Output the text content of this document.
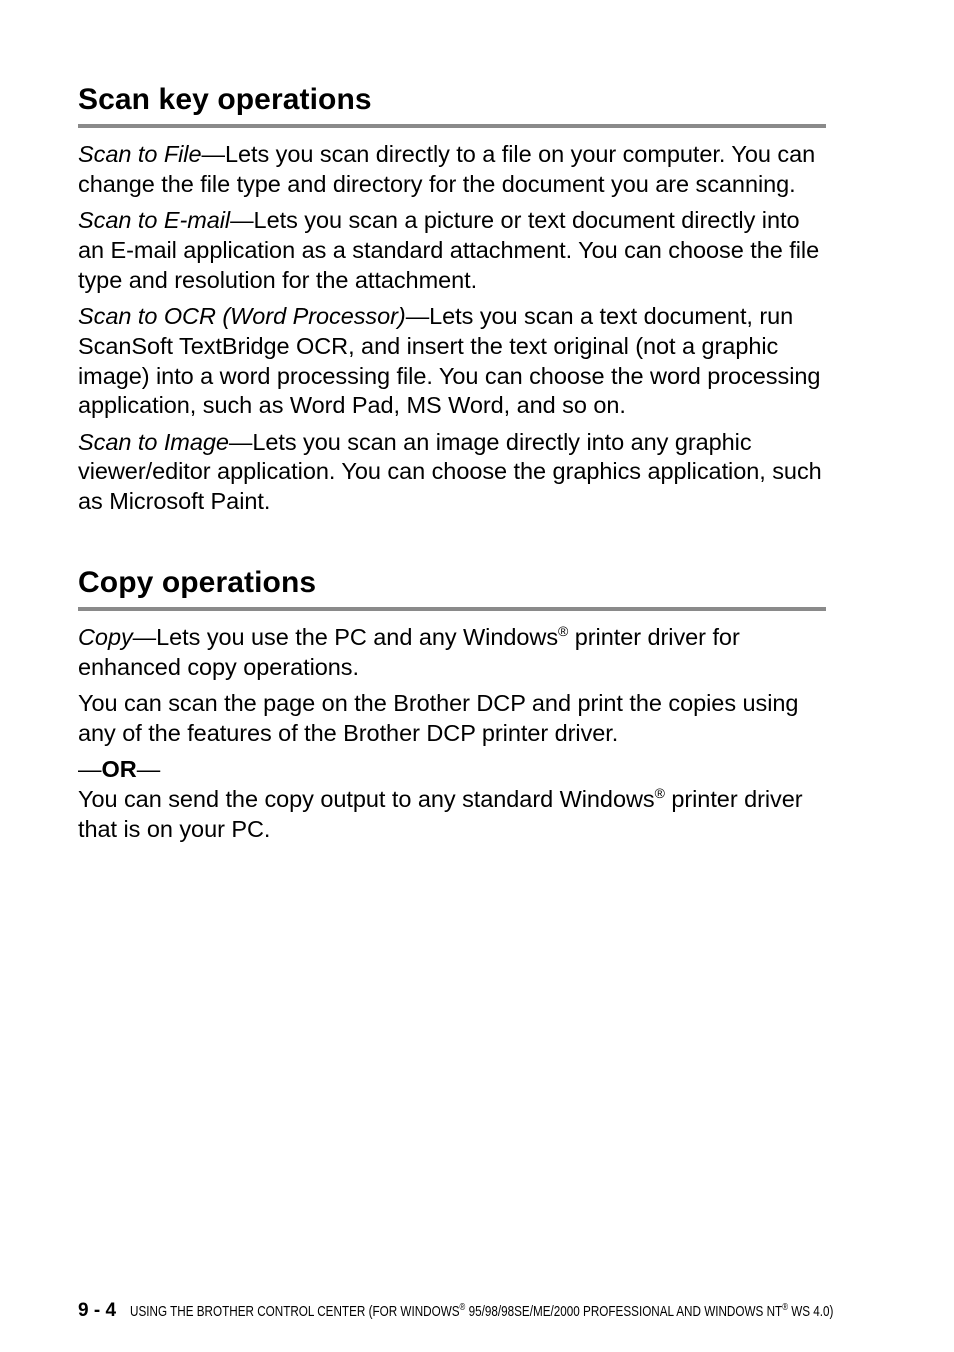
Scan key operations

Scan to File—Lets you scan directly to a file on your computer. You can change the file type and directory for the document you are scanning.

Scan to E-mail—Lets you scan a picture or text document directly into an E-mail application as a standard attachment. You can choose the file type and resolution for the attachment.

Scan to OCR (Word Processor)—Lets you scan a text document, run ScanSoft TextBridge OCR, and insert the text original (not a graphic image) into a word processing file. You can choose the word processing application, such as Word Pad, MS Word, and so on.

Scan to Image—Lets you scan an image directly into any graphic viewer/editor application. You can choose the graphics application, such as Microsoft Paint.

Copy operations

Copy—Lets you use the PC and any Windows® printer driver for enhanced copy operations.

You can scan the page on the Brother DCP and print the copies using any of the features of the Brother DCP printer driver.

—OR—

You can send the copy output to any standard Windows® printer driver that is on your PC.

9 - 4 USING THE BROTHER CONTROL CENTER (FOR WINDOWS® 95/98/98SE/ME/2000 PROFESSIONAL AND WINDOWS NT® WS 4.0)
